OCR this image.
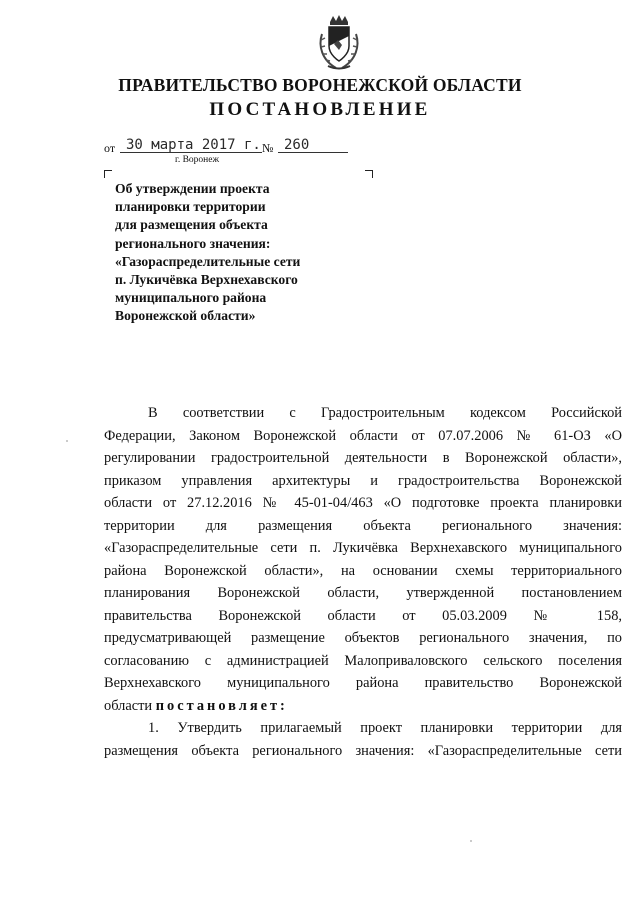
ПРАВИТЕЛЬСТВО ВОРОНЕЖСКОЙ ОБЛАСТИ
ПОСТАНОВЛЕНИЕ
от 30 марта 2017 г. № 260
г. Воронеж
Об утверждении проекта
планировки территории
для размещения объекта
регионального значения:
«Газораспределительные сети
п. Лукичёвка Верхнехавского
муниципального района
Воронежской области»
В соответствии с Градостроительным кодексом Российской
Федерации, Законом Воронежской области от 07.07.2006 № 61-ОЗ «О
регулировании градостроительной деятельности в Воронежской области»,
приказом управления архитектуры и градостроительства Воронежской
области от 27.12.2016 № 45-01-04/463 «О подготовке проекта планировки
территории для размещения объекта регионального значения:
«Газораспределительные сети п. Лукичёвка Верхнехавского муниципального
района Воронежской области», на основании схемы территориального
планирования Воронежской области, утвержденной постановлением
правительства Воронежской области от 05.03.2009 № 158,
предусматривающей размещение объектов регионального значения, по
согласованию с администрацией Малоприваловского сельского поселения
Верхнехавского муниципального района правительство Воронежской
области постановляет:
1. Утвердить прилагаемый проект планировки территории для
размещения объекта регионального значения: «Газораспределительные сети
